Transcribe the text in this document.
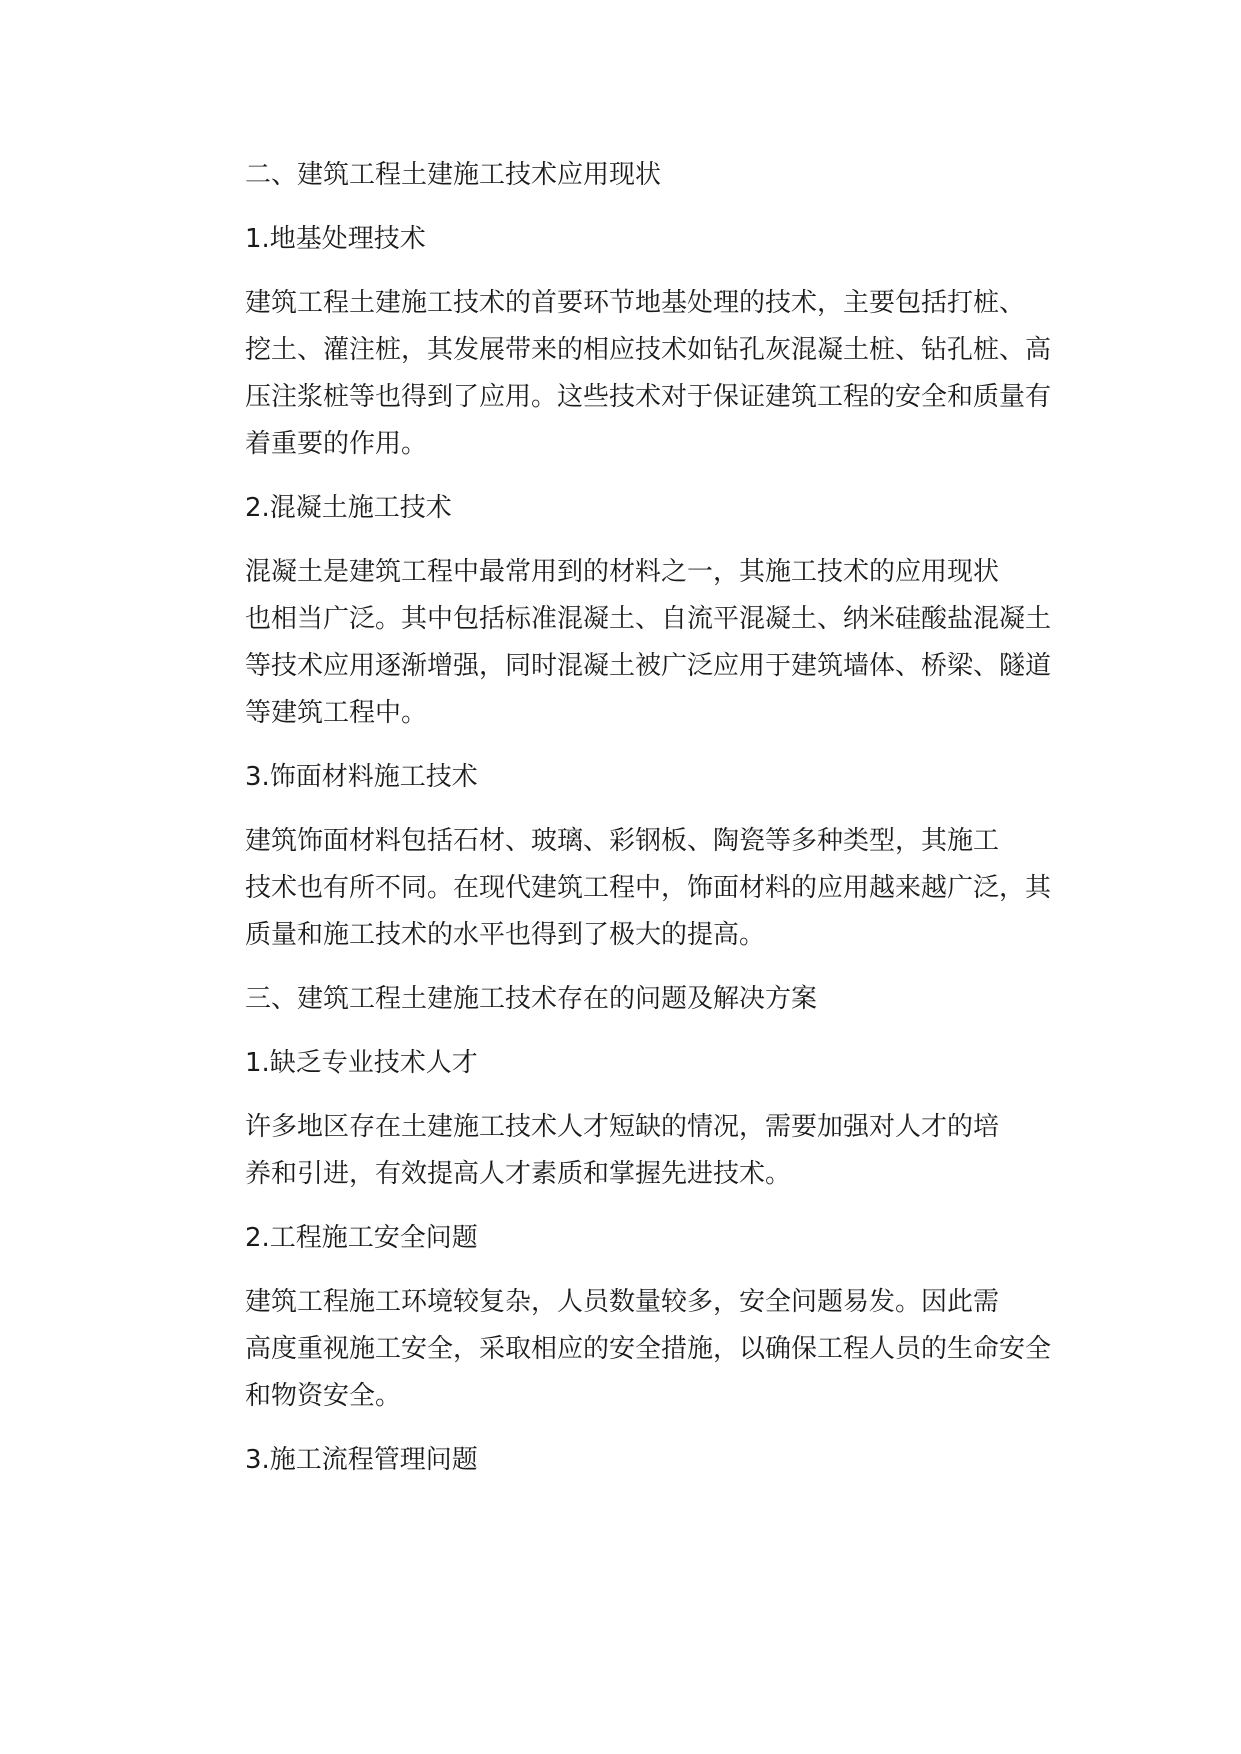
二、建筑工程土建施工技术应用现状

1.地基处理技术

建筑工程土建施工技术的首要环节地基处理的技术，主要包括打桩、
挖土、灌注桩，其发展带来的相应技术如钻孔灰混凝土桩、钻孔桩、高
压注浆桩等也得到了应用。这些技术对于保证建筑工程的安全和质量有
着重要的作用。

2.混凝土施工技术

混凝土是建筑工程中最常用到的材料之一，其施工技术的应用现状
也相当广泛。其中包括标准混凝土、自流平混凝土、纳米硅酸盐混凝土
等技术应用逐渐增强，同时混凝土被广泛应用于建筑墙体、桥梁、隧道
等建筑工程中。

3.饰面材料施工技术

建筑饰面材料包括石材、玻璃、彩钢板、陶瓷等多种类型，其施工
技术也有所不同。在现代建筑工程中，饰面材料的应用越来越广泛，其
质量和施工技术的水平也得到了极大的提高。

三、建筑工程土建施工技术存在的问题及解决方案

1.缺乏专业技术人才

许多地区存在土建施工技术人才短缺的情况，需要加强对人才的培
养和引进，有效提高人才素质和掌握先进技术。

2.工程施工安全问题

建筑工程施工环境较复杂，人员数量较多，安全问题易发。因此需
高度重视施工安全，采取相应的安全措施，以确保工程人员的生命安全
和物资安全。

3.施工流程管理问题
